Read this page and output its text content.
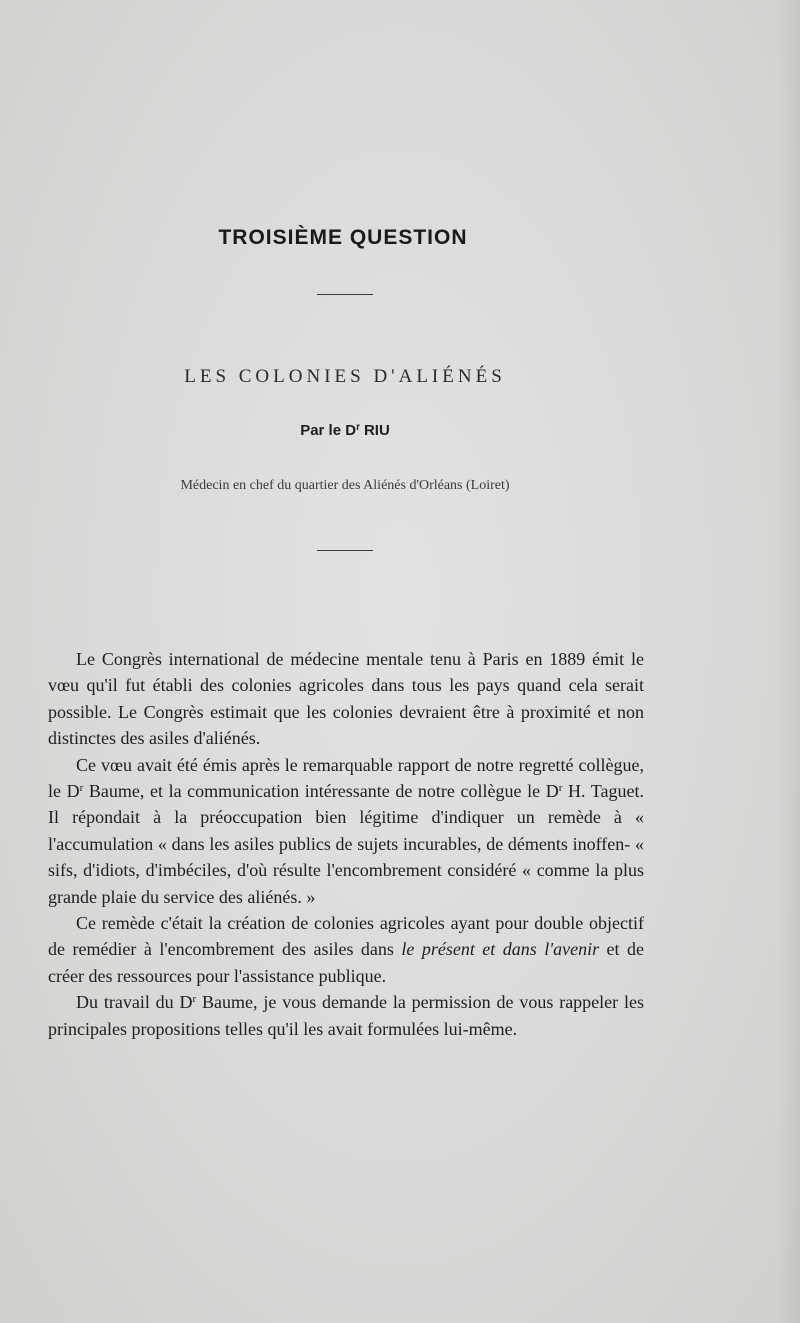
TROISIÈME QUESTION
LES COLONIES D'ALIÉNÉS
Par le $D^r$ RIU
Médecin en chef du quartier des Aliénés d'Orléans (Loiret)

Le Congrès international de médecine mentale tenu à Paris en 1889 émit le vœu qu'il fut établi des colonies agricoles dans tous les pays quand cela serait possible. Le Congrès estimait que les colonies devraient être à proximité et non distinctes des asiles d'aliénés.

Ce vœu avait été émis après le remarquable rapport de notre regretté collègue, le $D^r$ Baume, et la communication intéressante de notre collègue le $D^r$ H. Taguet. Il répondait à la préoccupation bien légitime d'indiquer un remède à « l'accumulation « dans les asiles publics de sujets incurables, de déments inoffen- « sifs, d'idiots, d'imbéciles, d'où résulte l'encombrement considéré « comme la plus grande plaie du service des aliénés. »

Ce remède c'était la création de colonies agricoles ayant pour double objectif de remédier à l'encombrement des asiles dans le présent et dans l'avenir et de créer des ressources pour l'assistance publique.

Du travail du $D^r$ Baume, je vous demande la permission de vous rappeler les principales propositions telles qu'il les avait formulées lui-même.
